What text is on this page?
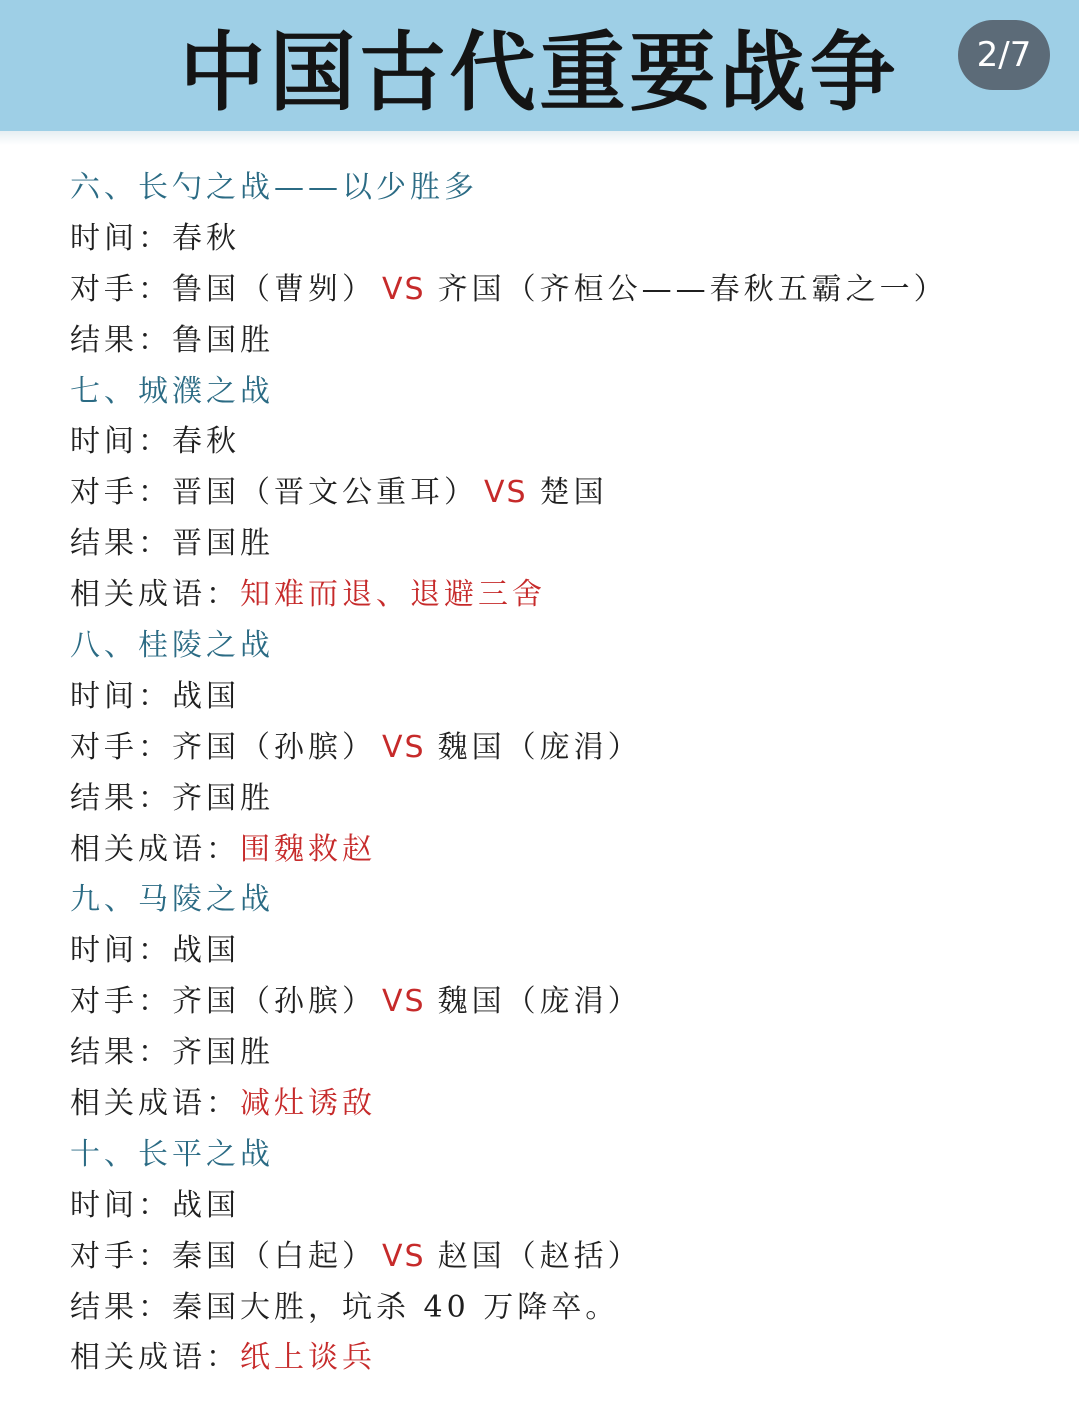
中国古代重要战争	2/7
六、长勺之战——以少胜多
时间：春秋
对手：鲁国（曹刿） VS 齐国（齐桓公——春秋五霸之一）
结果：鲁国胜
七、城濮之战
时间：春秋
对手：晋国（晋文公重耳） VS 楚国
结果：晋国胜
相关成语：知难而退、退避三舍
八、桂陵之战
时间：战国
对手：齐国（孙膑） VS 魏国（庞涓）
结果：齐国胜
相关成语：围魏救赵
九、马陵之战
时间：战国
对手：齐国（孙膑） VS 魏国（庞涓）
结果：齐国胜
相关成语：减灶诱敌
十、长平之战
时间：战国
对手：秦国（白起） VS 赵国（赵括）
结果：秦国大胜，坑杀 40 万降卒。
相关成语：纸上谈兵
